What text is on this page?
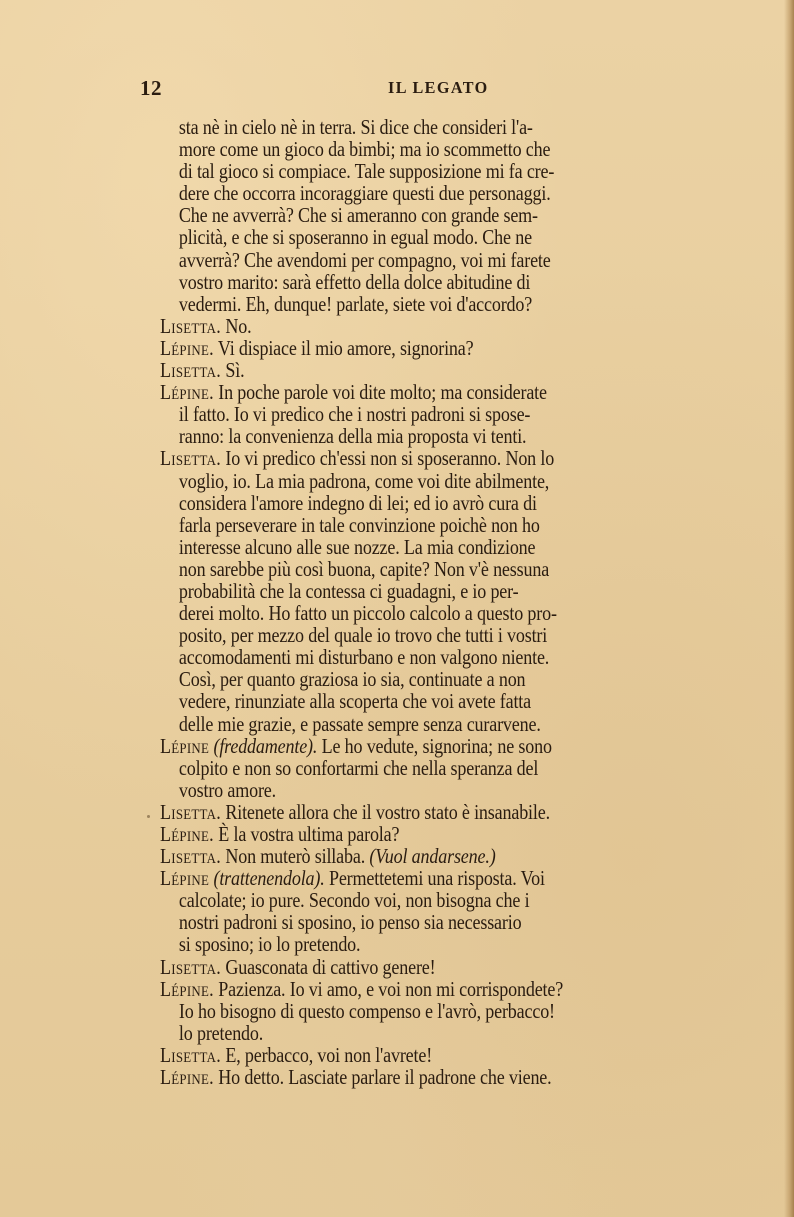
12	IL LEGATO
sta nè in cielo nè in terra. Si dice che consideri l'a-
more come un gioco da bimbi; ma io scommetto che
di tal gioco si compiace. Tale supposizione mi fa cre-
dere che occorra incoraggiare questi due personaggi.
Che ne avverrà? Che si ameranno con grande sem-
plicità, e che si sposeranno in egual modo. Che ne
avverrà? Che avendomi per compagno, voi mi farete
vostro marito: sarà effetto della dolce abitudine di
vedermi. Eh, dunque! parlate, siete voi d'accordo?
Lisetta. No.
Lépine. Vi dispiace il mio amore, signorina?
Lisetta. Sì.
Lépine. In poche parole voi dite molto; ma considerate
il fatto. Io vi predico che i nostri padroni si spose-
ranno: la convenienza della mia proposta vi tenti.
Lisetta. Io vi predico ch'essi non si sposeranno. Non lo
voglio, io. La mia padrona, come voi dite abilmente,
considera l'amore indegno di lei; ed io avrò cura di
farla perseverare in tale convinzione poichè non ho
interesse alcuno alle sue nozze. La mia condizione
non sarebbe più così buona, capite? Non v'è nessuna
probabilità che la contessa ci guadagni, e io per-
derei molto. Ho fatto un piccolo calcolo a questo pro-
posito, per mezzo del quale io trovo che tutti i vostri
accomodamenti mi disturbano e non valgono niente.
Così, per quanto graziosa io sia, continuate a non
vedere, rinunziate alla scoperta che voi avete fatta
delle mie grazie, e passate sempre senza curarvene.
Lépine (freddamente). Le ho vedute, signorina; ne sono
colpito e non so confortarmi che nella speranza del
vostro amore.
Lisetta. Ritenete allora che il vostro stato è insanabile.
Lépine. È la vostra ultima parola?
Lisetta. Non muterò sillaba. (Vuol andarsene.)
Lépine (trattenendola). Permettetemi una risposta. Voi
calcolate; io pure. Secondo voi, non bisogna che i
nostri padroni si sposino, io penso sia necessario
si sposino; io lo pretendo.
Lisetta. Guasconata di cattivo genere!
Lépine. Pazienza. Io vi amo, e voi non mi corrispondete?
Io ho bisogno di questo compenso e l'avrò, perbacco!
lo pretendo.
Lisetta. E, perbacco, voi non l'avrete!
Lépine. Ho detto. Lasciate parlare il padrone che viene.
